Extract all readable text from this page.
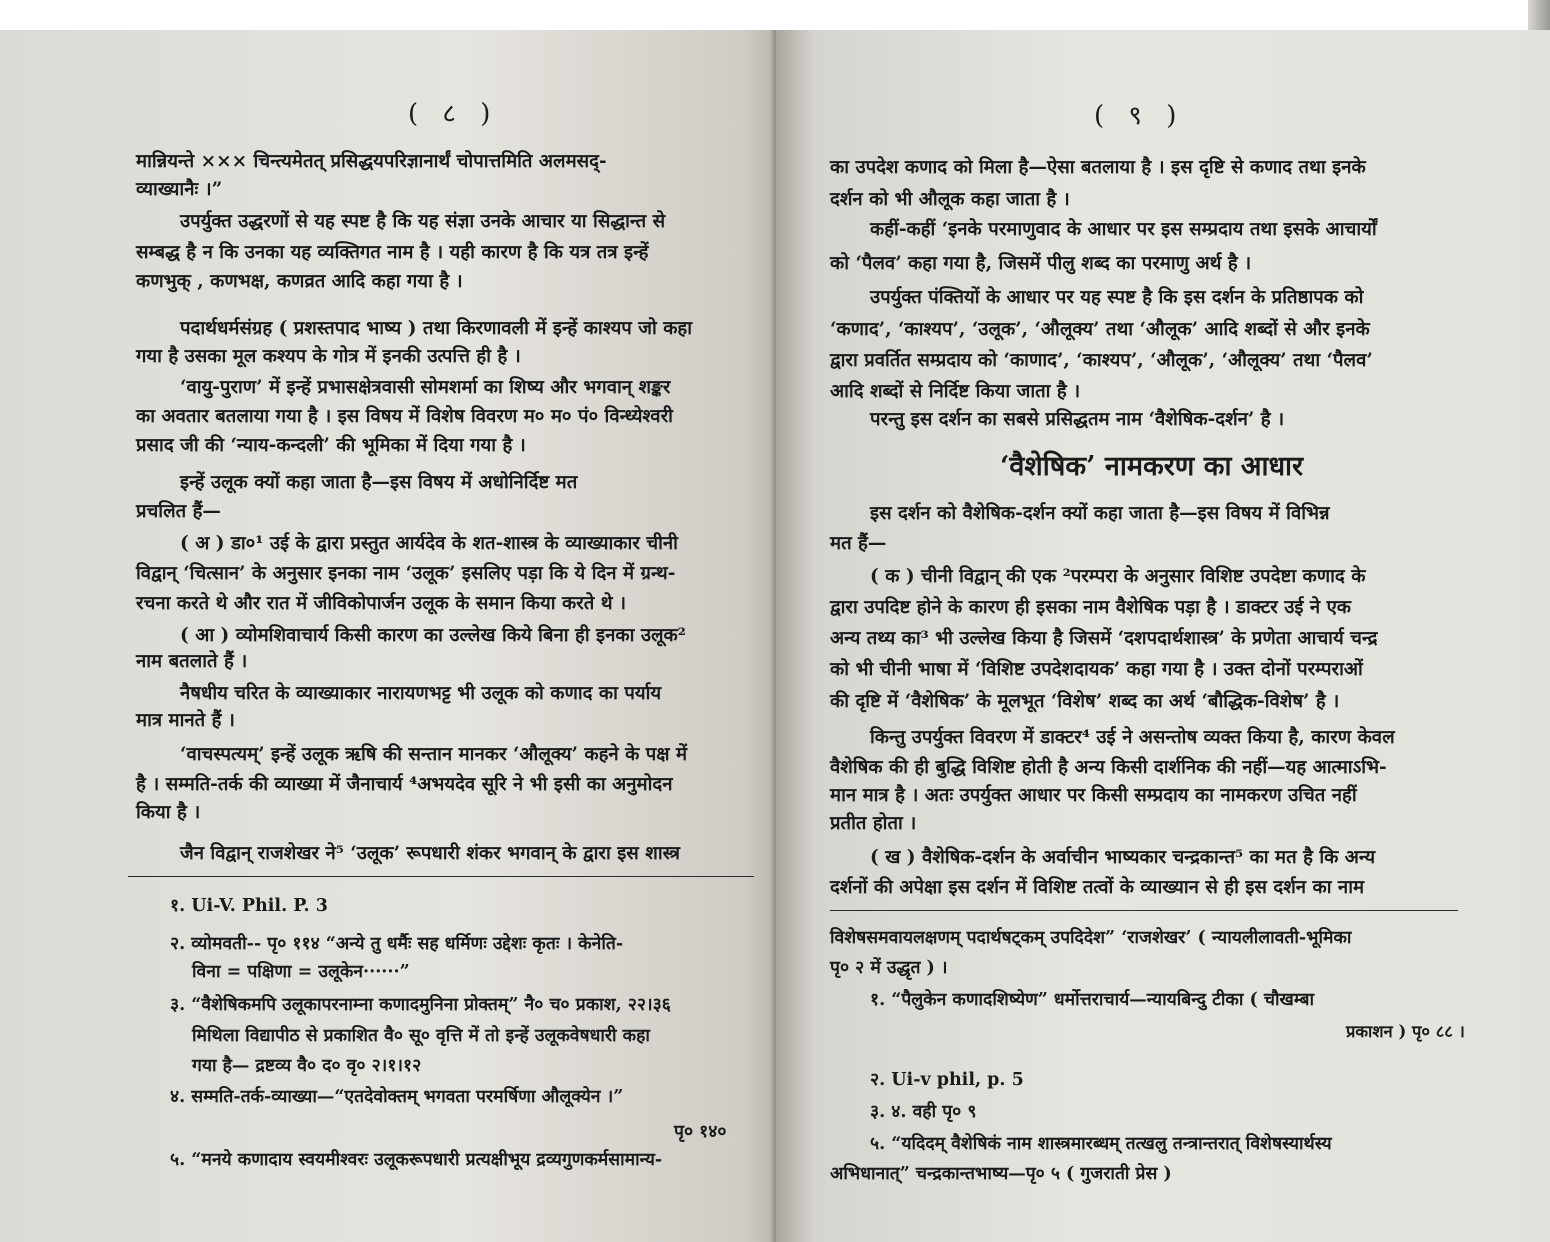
( ८ )
मान्नियन्ते ××× चिन्त्यमेतत् प्रसिद्धयपरिज्ञानार्थं चोपात्तमिति अलमसद्-
व्याख्यानैः ।”
उपर्युक्त उद्धरणों से यह स्पष्ट है कि यह संज्ञा उनके आचार या सिद्धान्त से
सम्बद्ध है न कि उनका यह व्यक्तिगत नाम है । यही कारण है कि यत्र तत्र इन्हें
कणभुक् , कणभक्ष, कणव्रत आदि कहा गया है ।
पदार्थधर्मसंग्रह ( प्रशस्तपाद भाष्य ) तथा किरणावली में इन्हें काश्यप जो कहा
गया है उसका मूल कश्यप के गोत्र में इनकी उत्पत्ति ही है ।
‘वायु-पुराण’ में इन्हें प्रभासक्षेत्रवासी सोमशर्मा का शिष्य और भगवान् शङ्कर
का अवतार बतलाया गया है । इस विषय में विशेष विवरण म० म० पं० विन्ध्येश्वरी
प्रसाद जी की ‘न्याय-कन्दली’ की भूमिका में दिया गया है ।
इन्हें उलूक क्यों कहा जाता है—इस विषय में अधोनिर्दिष्ट मत
प्रचलित हैं—
( अ ) डा०¹ उई के द्वारा प्रस्तुत आर्यदेव के शत-शास्त्र के व्याख्याकार चीनी
विद्वान् ‘चित्सान’ के अनुसार इनका नाम ‘उलूक’ इसलिए पड़ा कि ये दिन में ग्रन्थ-
रचना करते थे और रात में जीविकोपार्जन उलूक के समान किया करते थे ।
( आ ) व्योमशिवाचार्य किसी कारण का उल्लेख किये बिना ही इनका उलूक²
नाम बतलाते हैं ।
नैषधीय चरित के व्याख्याकार नारायणभट्ट भी उलूक को कणाद का पर्याय
मात्र मानते हैं ।
‘वाचस्पत्यम्’ इन्हें उलूक ऋषि की सन्तान मानकर ‘औलूक्य’ कहने के पक्ष में
है । सम्मति-तर्क की व्याख्या में जैनाचार्य ⁴अभयदेव सूरि ने भी इसी का अनुमोदन
किया है ।
जैन विद्वान् राजशेखर ने⁵ ‘उलूक’ रूपधारी शंकर भगवान् के द्वारा इस शास्त्र
१. Ui-V. Phil. P. 3
२. व्योमवती-- पृ० ११४ “अन्ये तु धर्मैः सह धर्मिणः उद्देशः कृतः । केनेति-
विना = पक्षिणा = उलूकेन······”
३. “वैशेषिकमपि उलूकापरनाम्ना कणादमुनिना प्रोक्तम्” नै० च० प्रकाश, २२।३६
मिथिला विद्यापीठ से प्रकाशित वै० सू० वृत्ति में तो इन्हें उलूकवेषधारी कहा
गया है— द्रष्टव्य वै० द० वृ० २।१।१२
४. सम्मति-तर्क-व्याख्या—“एतदेवोक्तम् भगवता परमर्षिणा औलूक्येन ।”
पृ० १४०
५. “मनये कणादाय स्वयमीश्वरः उलूकरूपधारी प्रत्यक्षीभूय द्रव्यगुणकर्मसामान्य-
( ९ )
का उपदेश कणाद को मिला है—ऐसा बतलाया है । इस दृष्टि से कणाद तथा इनके
दर्शन को भी औलूक कहा जाता है ।
कहीं-कहीं ‘इनके परमाणुवाद के आधार पर इस सम्प्रदाय तथा इसके आचार्यों
को ‘पैलव’ कहा गया है, जिसमें पीलु शब्द का परमाणु अर्थ है ।
उपर्युक्त पंक्तियों के आधार पर यह स्पष्ट है कि इस दर्शन के प्रतिष्ठापक को
‘कणाद’, ‘काश्यप’, ‘उलूक’, ‘औलूक्य’ तथा ‘औलूक’ आदि शब्दों से और इनके
द्वारा प्रवर्तित सम्प्रदाय को ‘काणाद’, ‘काश्यप’, ‘औलूक’, ‘औलूक्य’ तथा ‘पैलव’
आदि शब्दों से निर्दिष्ट किया जाता है ।
परन्तु इस दर्शन का सबसे प्रसिद्धतम नाम ‘वैशेषिक-दर्शन’ है ।
‘वैशेषिक’ नामकरण का आधार
इस दर्शन को वैशेषिक-दर्शन क्यों कहा जाता है—इस विषय में विभिन्न
मत हैं—
( क ) चीनी विद्वान् की एक ²परम्परा के अनुसार विशिष्ट उपदेष्टा कणाद के
द्वारा उपदिष्ट होने के कारण ही इसका नाम वैशेषिक पड़ा है । डाक्टर उई ने एक
अन्य तथ्य का³ भी उल्लेख किया है जिसमें ‘दशपदार्थशास्त्र’ के प्रणेता आचार्य चन्द्र
को भी चीनी भाषा में ‘विशिष्ट उपदेशदायक’ कहा गया है । उक्त दोनों परम्पराओं
की दृष्टि में ‘वैशेषिक’ के मूलभूत ‘विशेष’ शब्द का अर्थ ‘बौद्धिक-विशेष’ है ।
किन्तु उपर्युक्त विवरण में डाक्टर⁴ उई ने असन्तोष व्यक्त किया है, कारण केवल
वैशेषिक की ही बुद्धि विशिष्ट होती है अन्य किसी दार्शनिक की नहीं—यह आत्माऽभि-
मान मात्र है । अतः उपर्युक्त आधार पर किसी सम्प्रदाय का नामकरण उचित नहीं
प्रतीत होता ।
( ख ) वैशेषिक-दर्शन के अर्वाचीन भाष्यकार चन्द्रकान्त⁵ का मत है कि अन्य
दर्शनों की अपेक्षा इस दर्शन में विशिष्ट तत्वों के व्याख्यान से ही इस दर्शन का नाम
विशेषसमवायलक्षणम् पदार्थषट्कम् उपदिदेश” ‘राजशेखर’ ( न्यायलीलावती-भूमिका
पृ० २ में उद्धृत ) ।
१. “पैलुकेन कणादशिष्येण” धर्मोत्तराचार्य—न्यायबिन्दु टीका ( चौखम्बा
प्रकाशन ) पृ० ८८ ।
२. Ui-v phil, p. 5
३. ४. वही पृ० ९
५. “यदिदम् वैशेषिकं नाम शास्त्रमारब्धम् तत्खलु तन्त्रान्तरात् विशेषस्यार्थस्य
अभिधानात्” चन्द्रकान्तभाष्य—पृ० ५ ( गुजराती प्रेस )
